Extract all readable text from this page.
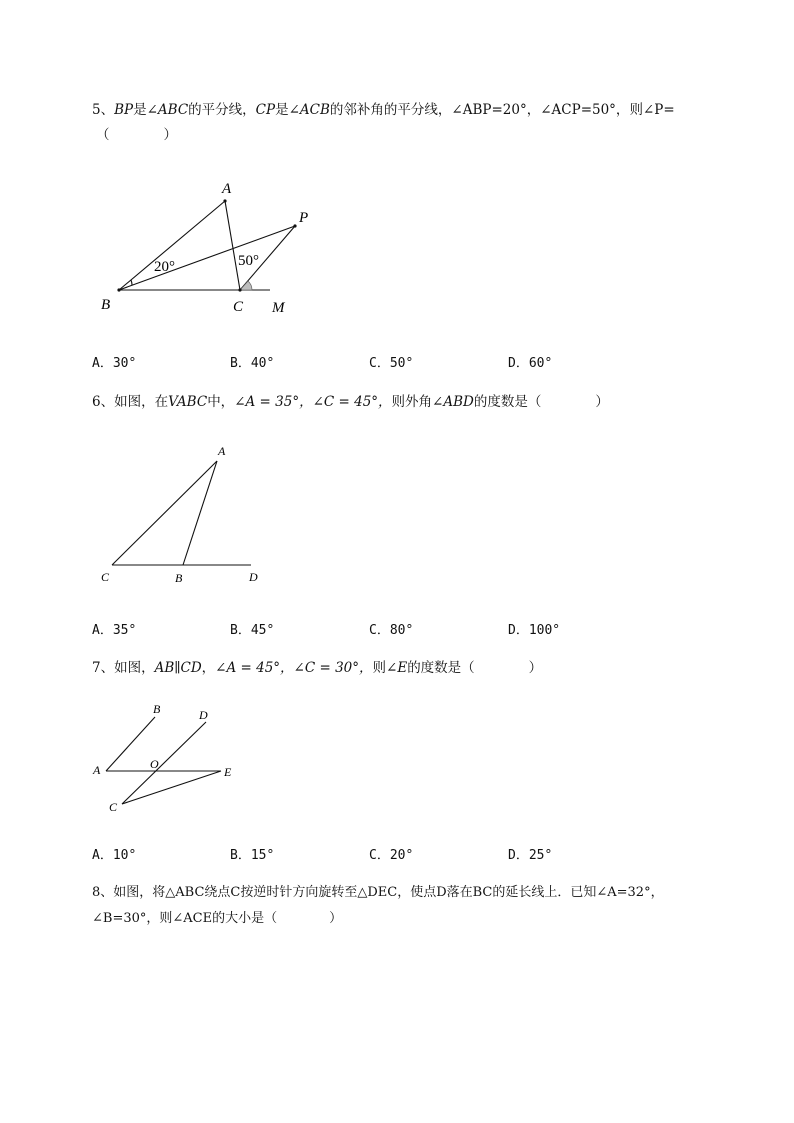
5、BP是∠ABC的平分线，CP是∠ACB的邻补角的平分线，∠ABP=20°，∠ACP=50°，则∠P=
（　　　　）
A
P
B	C M
20°	50°
A．30°	B．40°	C．50°	D．60°
6、如图，在VABC中，∠A = 35°，∠C = 45°，则外角∠ABD的度数是（　　　　）
A
C	B	D
A．35°	B．45°	C．80°	D．100°
7、如图，AB∥CD，∠A = 45°，∠C = 30°，则∠E的度数是（　　　　）
B	D
A	O
E
C
A．10°	B．15°	C．20°	D．25°
8、如图，将△ABC绕点C按逆时针方向旋转至△DEC，使点D落在BC的延长线上．已知∠A=32°，
∠B=30°，则∠ACE的大小是（　　　　）
